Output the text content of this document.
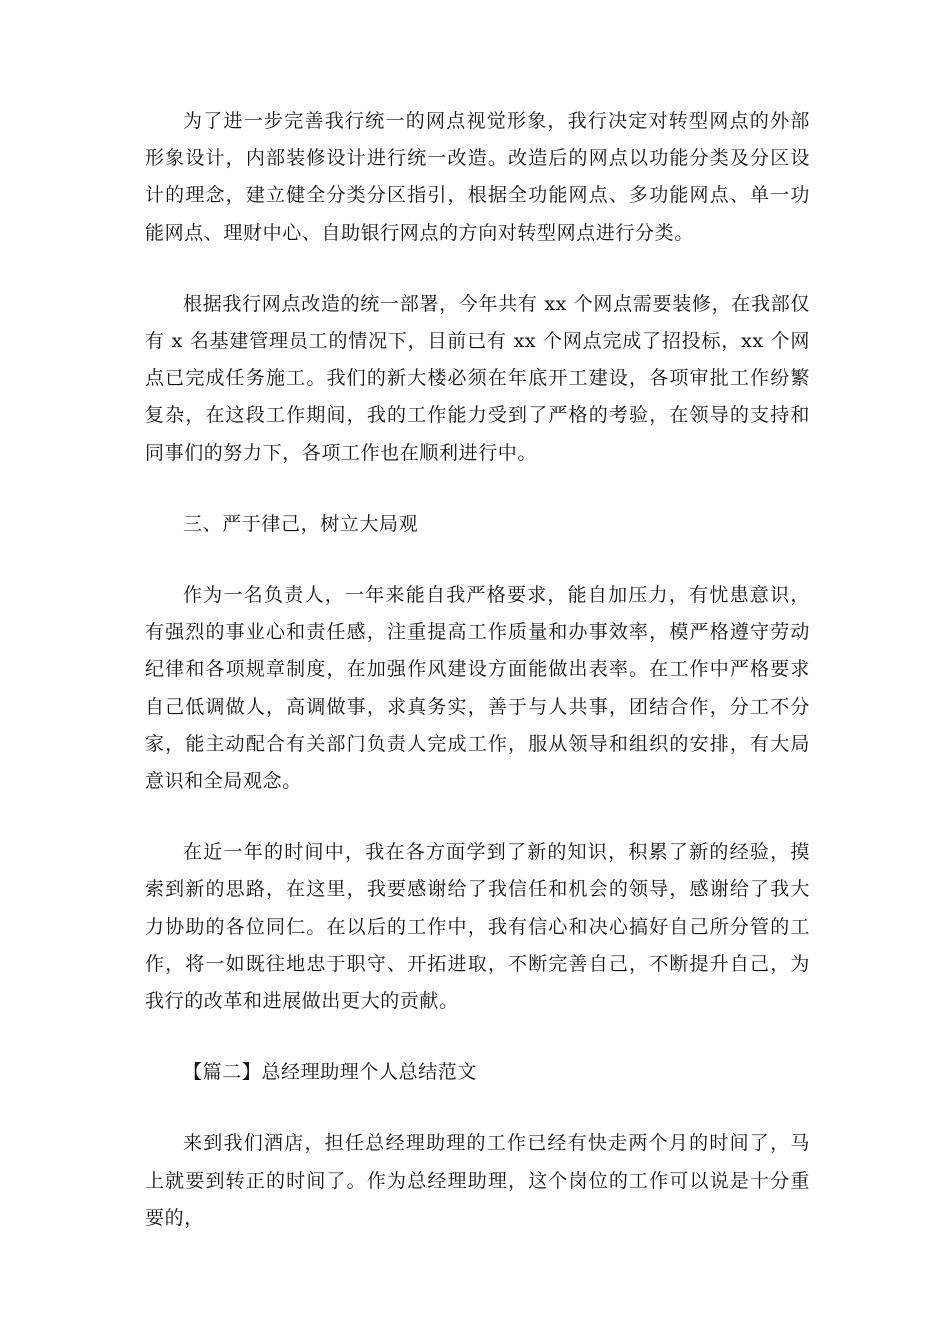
为了进一步完善我行统一的网点视觉形象，我行决定对转型网点的外部形象设计，内部装修设计进行统一改造。改造后的网点以功能分类及分区设计的理念，建立健全分类分区指引，根据全功能网点、多功能网点、单一功能网点、理财中心、自助银行网点的方向对转型网点进行分类。

根据我行网点改造的统一部署，今年共有 xx 个网点需要装修，在我部仅有 x 名基建管理员工的情况下，目前已有 xx 个网点完成了招投标，xx 个网点已完成任务施工。我们的新大楼必须在年底开工建设，各项审批工作纷繁复杂，在这段工作期间，我的工作能力受到了严格的考验，在领导的支持和同事们的努力下，各项工作也在顺利进行中。

三、严于律己，树立大局观

作为一名负责人，一年来能自我严格要求，能自加压力，有忧患意识，有强烈的事业心和责任感，注重提高工作质量和办事效率，模严格遵守劳动纪律和各项规章制度，在加强作风建设方面能做出表率。在工作中严格要求自己低调做人，高调做事，求真务实，善于与人共事，团结合作，分工不分家，能主动配合有关部门负责人完成工作，服从领导和组织的安排，有大局意识和全局观念。

在近一年的时间中，我在各方面学到了新的知识，积累了新的经验，摸索到新的思路，在这里，我要感谢给了我信任和机会的领导，感谢给了我大力协助的各位同仁。在以后的工作中，我有信心和决心搞好自己所分管的工作，将一如既往地忠于职守、开拓进取，不断完善自己，不断提升自己，为我行的改革和进展做出更大的贡献。

【篇二】总经理助理个人总结范文

来到我们酒店，担任总经理助理的工作已经有快走两个月的时间了，马上就要到转正的时间了。作为总经理助理，这个岗位的工作可以说是十分重要的，
